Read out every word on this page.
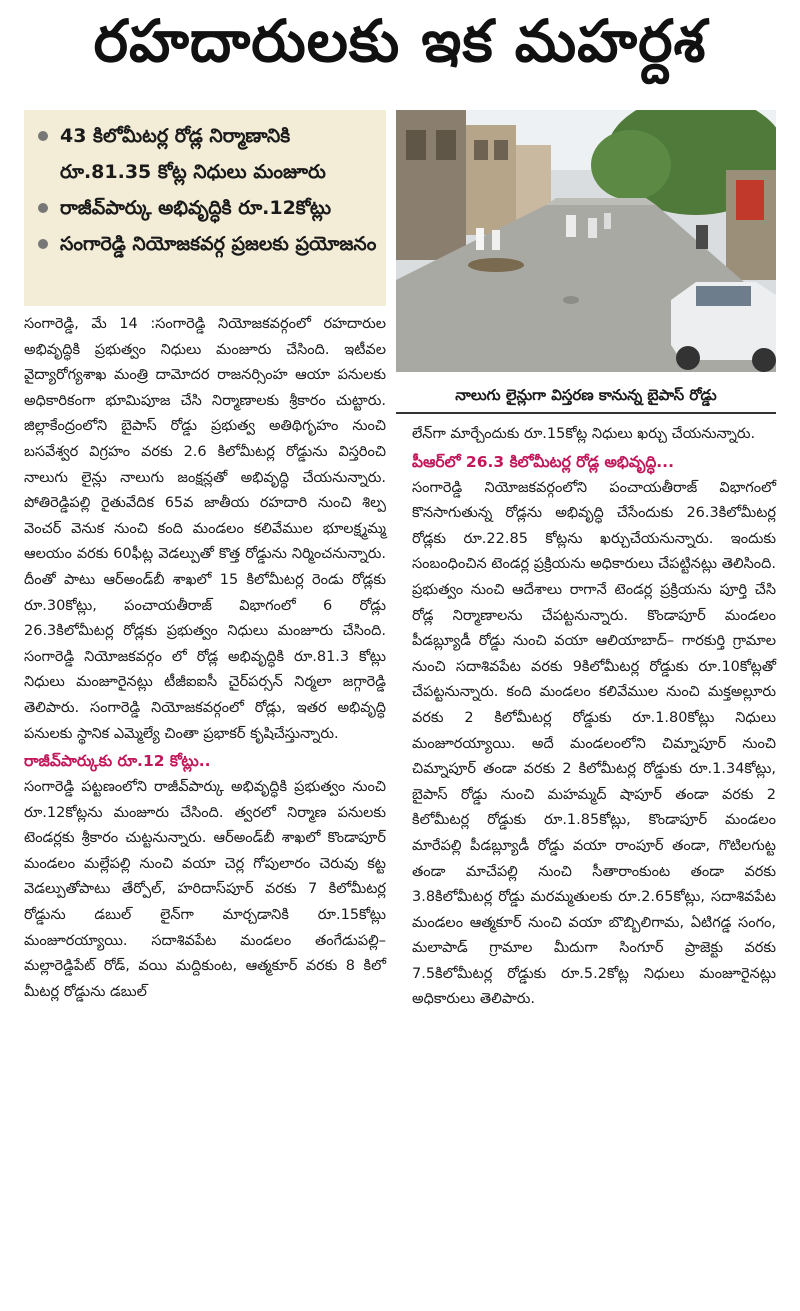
రహదారులకు ఇక మహర్దశ
43 కిలోమీటర్ల రోడ్ల నిర్మాణానికి రూ.81.35 కోట్ల నిధులు మంజూరు
రాజీవ్‌పార్కు అభివృద్ధికి రూ.12కోట్లు
సంగారెడ్డి నియోజకవర్గ ప్రజలకు ప్రయోజనం
నాలుగు లైన్లుగా విస్తరణ కానున్న బైపాస్‌ రోడ్డు

సంగారెడ్డి, మే 14 :సంగారెడ్డి నియోజకవర్గంలో రహదారుల అభివృద్ధికి ప్రభుత్వం నిధులు మంజూరు చేసింది. ఇటీవల వైద్యారోగ్యశాఖ మంత్రి దామోదర రాజనర్సింహ ఆయా పనులకు అధికారికంగా భూమిపూజ చేసి నిర్మాణాలకు శ్రీకారం చుట్టారు. జిల్లాకేంద్రంలోని బైపాస్‌ రోడ్డు ప్రభుత్వ అతిథిగృహం నుంచి బసవేశ్వర విగ్రహం వరకు 2.6 కిలోమీటర్ల రోడ్డును విస్తరించి నాలుగు లైన్లు నాలుగు జంక్షన్లతో అభివృద్ధి చేయనున్నారు. పోతిరెడ్డిపల్లి రైతువేదిక 65వ జాతీయ రహదారి నుంచి శిల్ప వెంచర్‌ వెనుక నుంచి కంది మండలం కలివేముల భూలక్ష్మమ్మ ఆలయం వరకు 60ఫీట్ల వెడల్పుతో కొత్త రోడ్డును నిర్మించనున్నారు. దీంతో పాటు ఆర్‌అండ్‌బీ శాఖలో 15 కిలోమీటర్ల రెండు రోడ్లకు రూ.30కోట్లు, పంచాయతీరాజ్‌ విభాగంలో 6 రోడ్లు 26.3కిలోమీటర్ల రోడ్లకు ప్రభుత్వం నిధులు మంజూరు చేసింది. సంగారెడ్డి నియోజకవర్గం లో రోడ్ల అభివృద్ధికి రూ.81.3 కోట్లు నిధులు మంజూరైనట్లు టీజీఐఐసీ చైర్‌పర్సన్‌ నిర్మలా జగ్గారెడ్డి తెలిపారు. సంగారెడ్డి నియోజకవర్గంలో రోడ్లు, ఇతర అభివృద్ధి పనులకు స్థానిక ఎమ్మెల్యే చింతా ప్రభాకర్‌ కృషిచేస్తున్నారు.

రాజీవ్‌పార్కుకు రూ.12 కోట్లు..

సంగారెడ్డి పట్టణంలోని రాజీవ్‌పార్కు అభివృద్ధికి ప్రభుత్వం నుంచి రూ.12కోట్లను మంజూరు చేసింది. త్వరలో నిర్మాణ పనులకు టెండర్లకు శ్రీకారం చుట్టనున్నారు. ఆర్‌అండ్‌బీ శాఖలో కొండాపూర్‌ మండలం మల్లేపల్లి నుంచి వయా చెర్ల గోపులారం చెరువు కట్ట వెడల్పుతోపాటు తేర్పోల్‌, హరిదాస్‌పూర్‌ వరకు 7 కిలోమీటర్ల రోడ్డును డబుల్‌ లైన్‌గా మార్చడానికి రూ.15కోట్లు మంజూరయ్యాయి. సదాశివపేట మండలం తంగేడుపల్లి–మల్లారెడ్డిపేట్‌ రోడ్‌, వయి మద్దికుంట, ఆత్మకూర్‌ వరకు 8 కిలో మీటర్ల రోడ్డును డబుల్‌

లేన్‌గా మార్చేందుకు రూ.15కోట్ల నిధులు ఖర్చు చేయనున్నారు.

పీఆర్‌లో 26.3 కిలోమీటర్ల రోడ్ల అభివృద్ధి...

సంగారెడ్డి నియోజకవర్గంలోని పంచాయతీరాజ్‌ విభాగంలో కొనసాగుతున్న రోడ్లను అభివృద్ధి చేసేందుకు 26.3కిలోమీటర్ల రోడ్లకు రూ.22.85 కోట్లను ఖర్చుచేయనున్నారు. ఇందుకు సంబంధించిన టెండర్ల ప్రక్రియను అధికారులు చేపట్టినట్లు తెలిసింది. ప్రభుత్వం నుంచి ఆదేశాలు రాగానే టెండర్ల ప్రక్రియను పూర్తి చేసి రోడ్ల నిర్మాణాలను చేపట్టనున్నారు. కొండాపూర్‌ మండలం పీడబ్ల్యూడీ రోడ్డు నుంచి వయా ఆలియాబాద్‌– గారకుర్తి గ్రామాల నుంచి సదాశివపేట వరకు 9కిలోమీటర్ల రోడ్డుకు రూ.10కోట్లతో చేపట్టనున్నారు. కంది మండలం కలివేముల నుంచి మక్తఅల్లూరు వరకు 2 కిలోమీటర్ల రోడ్డుకు రూ.1.80కోట్లు నిధులు మంజూరయ్యాయి. అదే మండలంలోని చిమ్నాపూర్‌ నుంచి చిమ్నాపూర్‌ తండా వరకు 2 కిలోమీటర్ల రోడ్డుకు రూ.1.34కోట్లు, బైపాస్‌ రోడ్డు నుంచి మహమ్మద్‌ షాపూర్‌ తండా వరకు 2 కిలోమీటర్ల రోడ్డుకు రూ.1.85కోట్లు, కొండాపూర్‌ మండలం మారేపల్లి పీడబ్ల్యూడీ రోడ్డు వయా రాంపూర్‌ తండా, గొటిలగుట్ట తండా మాచేపల్లి నుంచి సీతారాంకుంట తండా వరకు 3.8కిలోమీటర్ల రోడ్డు మరమ్మతులకు రూ.2.65కోట్లు, సదాశివపేట మండలం ఆత్మకూర్‌ నుంచి వయా బొబ్బిలిగామ, ఏటిగడ్డ సంగం, మలాపాడ్‌ గ్రామాల మీదుగా సింగూర్‌ ప్రాజెక్టు వరకు 7.5కిలోమీటర్ల రోడ్డుకు రూ.5.2కోట్ల నిధులు మంజూరైనట్లు అధికారులు తెలిపారు.
